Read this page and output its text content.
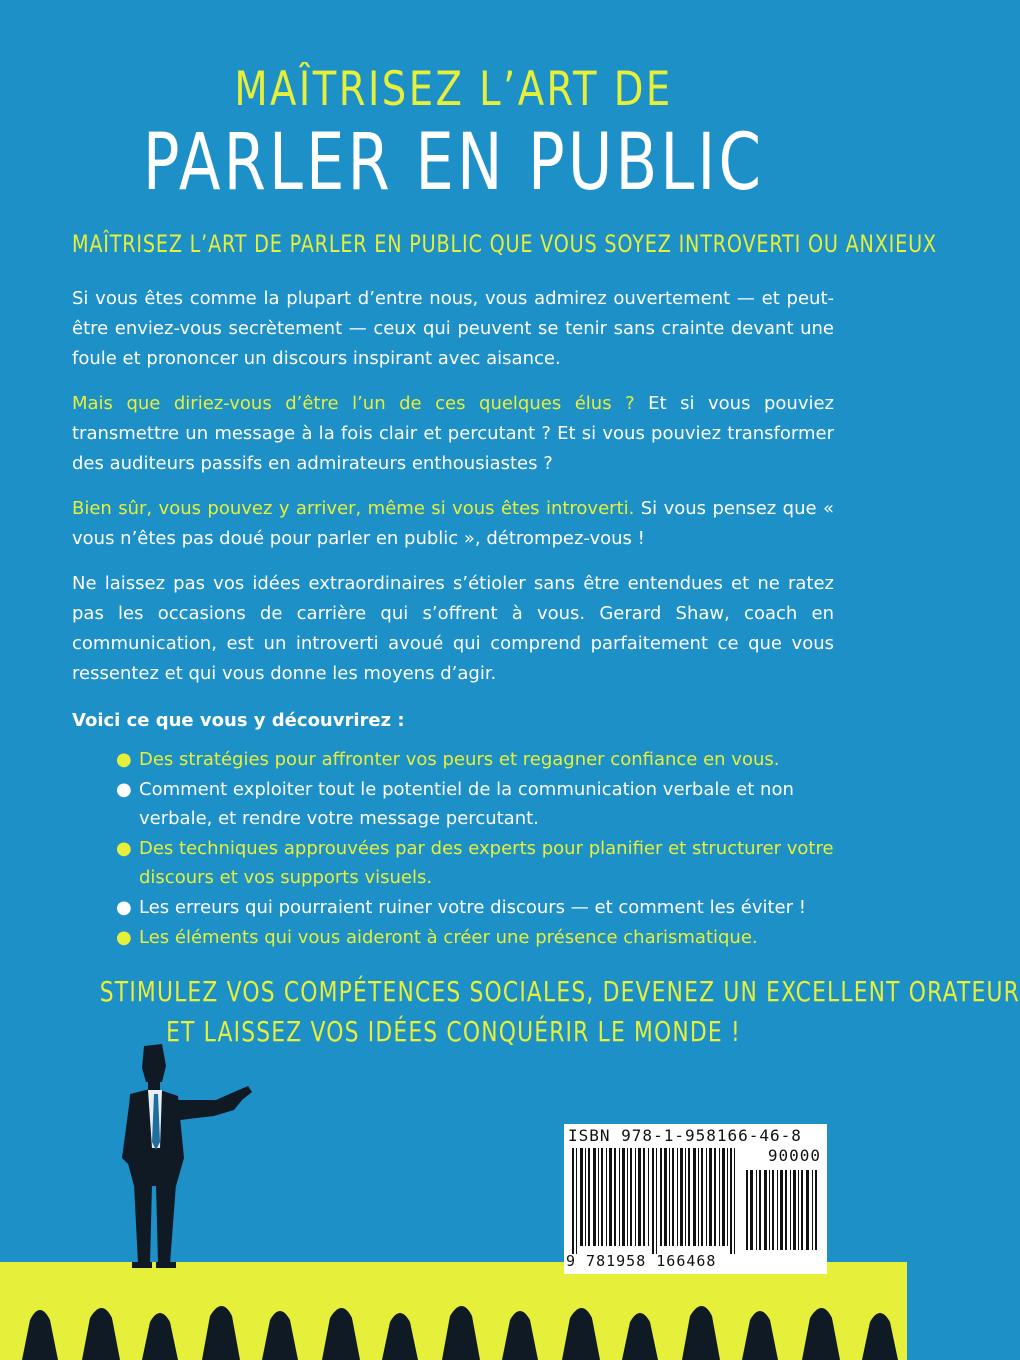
MAÎTRISEZ L’ART DE
PARLER EN PUBLIC
MAÎTRISEZ L’ART DE PARLER EN PUBLIC QUE VOUS SOYEZ INTROVERTI OU ANXIEUX
Si vous êtes comme la plupart d’entre nous, vous admirez ouvertement — et peut-être enviez-vous secrètement — ceux qui peuvent se tenir sans crainte devant une foule et prononcer un discours inspirant avec aisance.
Mais que diriez-vous d’être l’un de ces quelques élus ? Et si vous pouviez transmettre un message à la fois clair et percutant ? Et si vous pouviez transformer des auditeurs passifs en admirateurs enthousiastes ?
Bien sûr, vous pouvez y arriver, même si vous êtes introverti. Si vous pensez que « vous n’êtes pas doué pour parler en public », détrompez-vous !
Ne laissez pas vos idées extraordinaires s’étioler sans être entendues et ne ratez pas les occasions de carrière qui s’offrent à vous. Gerard Shaw, coach en communication, est un introverti avoué qui comprend parfaitement ce que vous ressentez et qui vous donne les moyens d’agir.
Voici ce que vous y découvrirez :
● Des stratégies pour affronter vos peurs et regagner confiance en vous.
● Comment exploiter tout le potentiel de la communication verbale et non verbale, et rendre votre message percutant.
● Des techniques approuvées par des experts pour planifier et structurer votre discours et vos supports visuels.
● Les erreurs qui pourraient ruiner votre discours — et comment les éviter !
● Les éléments qui vous aideront à créer une présence charismatique.
STIMULEZ VOS COMPÉTENCES SOCIALES, DEVENEZ UN EXCELLENT ORATEUR
ET LAISSEZ VOS IDÉES CONQUÉRIR LE MONDE !
ISBN 978-1-958166-46-8
90000
9 781958 166468
